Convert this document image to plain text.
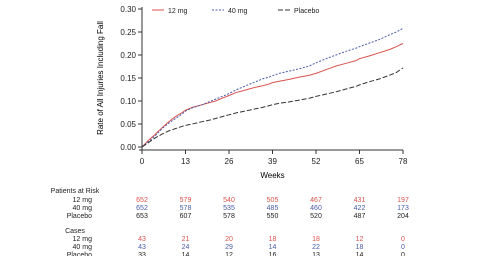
0.00
0.05
0.10
0.15
0.20
0.25
0.30
0	13	26	39	52	65	78
Weeks
Rate of All Injuries Including Fall
12 mg	40 mg	Placebo
Patients at Risk
12 mg	652	579	540	505	467	431	197
40 mg	652	578	535	485	460	422	173
Placebo	653	607	578	550	520	487	204
Cases
12 mg	43	21	20	18	18	12	0
40 mg	43	24	29	14	22	18	0
Placebo	33	14	12	16	13	14	0
